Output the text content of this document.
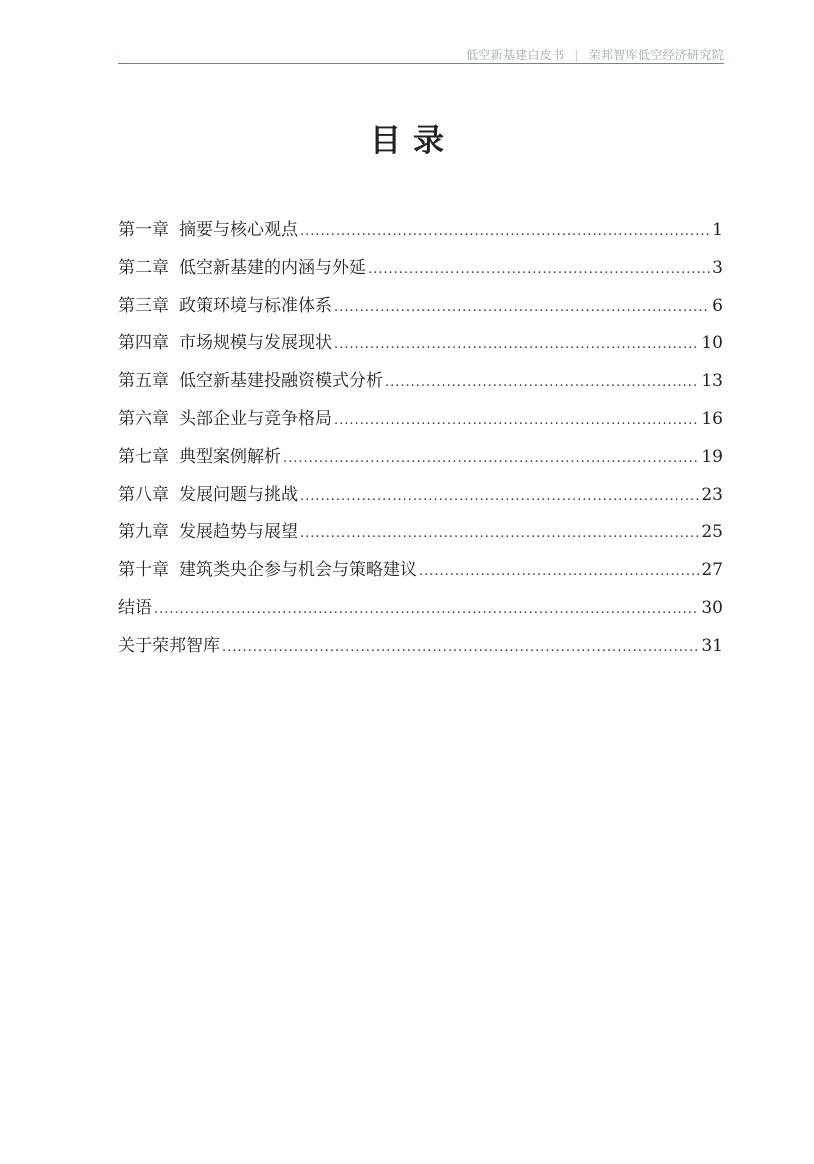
低空新基建白皮书 | 荣邦智库低空经济研究院
目录
第一章 摘要与核心观点 .....	1
第二章 低空新基建的内涵与外延 .....	3
第三章 政策环境与标准体系 .....	6
第四章 市场规模与发展现状 .....	10
第五章 低空新基建投融资模式分析 .....	13
第六章 头部企业与竞争格局 .....	16
第七章 典型案例解析 .....	19
第八章 发展问题与挑战 .....	23
第九章 发展趋势与展望 .....	25
第十章 建筑类央企参与机会与策略建议 .....	27
结语 .....	30
关于荣邦智库 .....	31
